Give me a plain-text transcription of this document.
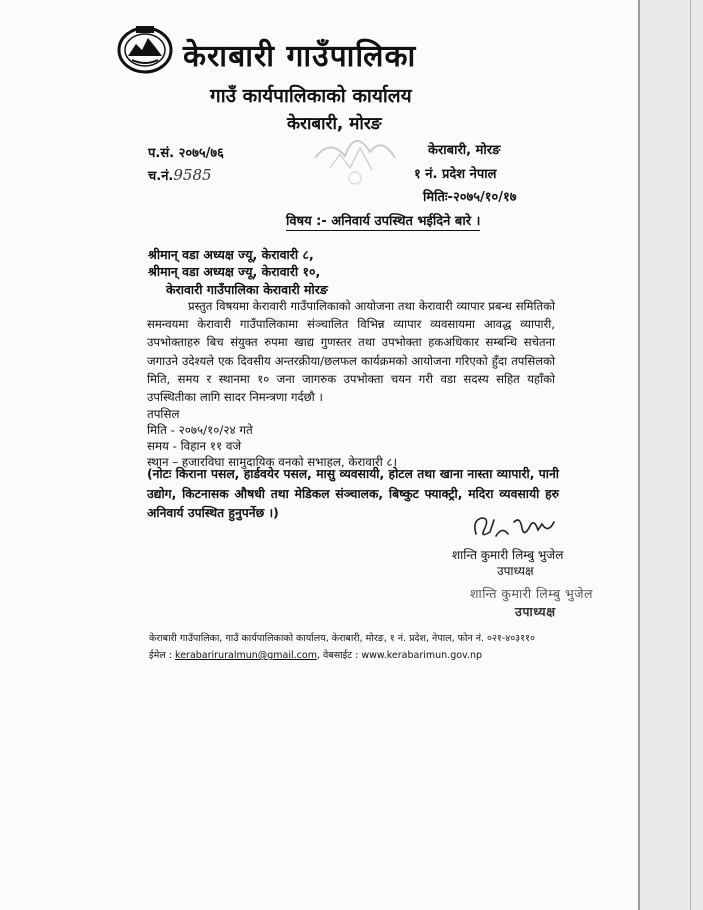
केराबारी गाउँपालिका
गाउँ कार्यपालिकाको कार्यालय
केराबारी, मोरङ
प.सं. २०७५/७६
च.नं.9585
केराबारी, मोरङ
१ नं. प्रदेश नेपाल
मितिः-२०७५/१०/१७
विषय :- अनिवार्य उपस्थित भईदिने बारे ।
श्रीमान् वडा अध्यक्ष ज्यू, केरावारी ८,
श्रीमान् वडा अध्यक्ष ज्यू, केरावारी १०,
केरावारी गाउँपालिका केरावारी मोरङ
प्रस्तुत विषयमा केरावारी गाउँपालिकाको आयोजना तथा केरावारी व्यापार प्रबन्ध समितिको समन्वयमा केरावारी गाउँपालिकामा संञ्चालित विभिन्न व्यापार व्यवसायमा आवद्ध व्यापारी, उपभोक्ताहरु बिच संयुक्त रुपमा खाद्य गुणस्तर तथा उपभोक्ता हकअधिकार सम्बन्धि सचेतना जगाउने उदेश्यले एक दिवसीय अन्तरक्रीया/छलफल कार्यक्रमको आयोजना गरिएको हुँदा तपसिलको मिति, समय र स्थानमा १० जना जागरुक उपभोक्ता चयन गरी वडा सदस्य सहित यहाँको उपस्थितीका लागि सादर निमन्त्रणा गर्दछौ ।
तपसिल
मिति - २०७५/१०/२४ गते
समय - विहान ११ वजे
स्थान – हजारविघा सामुदायिक वनको सभाहल, केरावारी ८।
(नोटः किराना पसल, हार्डवयेर पसल, मासु व्यवसायी, होटल तथा खाना नास्ता व्यापारी, पानी उद्योग, किटनासक औषधी तथा मेडिकल संञ्चालक, बिष्कुट फ्याक्ट्री, मदिरा व्यवसायी हरु अनिवार्य उपस्थित हुनुपर्नेछ ।)
शान्ति कुमारी लिम्बु भुजेल
उपाध्यक्ष
शान्ति कुमारी लिम्बु भुजेल
उपाध्यक्ष
केराबारी गाउँपालिका, गाउँ कार्यपालिकाको कार्यालय, केराबारी, मोरङ, १ नं. प्रदेश, नेपाल, फोन नं. ०२१-४०३११०
ईमेल : kerabariruralmun@gmail.com, वेबसाईट : www.kerabarimun.gov.np
